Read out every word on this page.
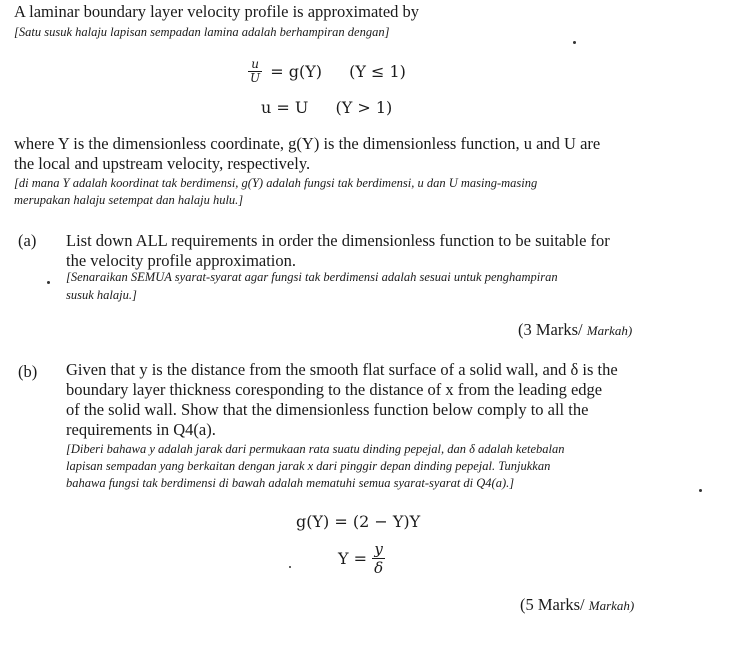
A laminar boundary layer velocity profile is approximated by
[Satu susuk halaju lapisan sempadan lamina adalah berhampiran dengan]
$\frac{u}{U} = g(Y) (Y \le 1)$
u = U (Y > 1)
where Y is the dimensionless coordinate, g(Y) is the dimensionless function, u and U are
the local and upstream velocity, respectively.
[di mana Y adalah koordinat tak berdimensi, g(Y) adalah fungsi tak berdimensi, u dan U masing-masing
merupakan halaju setempat dan halaju hulu.]
(a) List down ALL requirements in order the dimensionless function to be suitable for
the velocity profile approximation.
[Senaraikan SEMUA syarat-syarat agar fungsi tak berdimensi adalah sesuai untuk penghampiran
susuk halaju.]
(3 Marks/ Markah)
(b) Given that y is the distance from the smooth flat surface of a solid wall, and δ is the
boundary layer thickness coresponding to the distance of x from the leading edge
of the solid wall. Show that the dimensionless function below comply to all the
requirements in Q4(a).
[Diberi bahawa y adalah jarak dari permukaan rata suatu dinding pepejal, dan δ adalah ketebalan
lapisan sempadan yang berkaitan dengan jarak x dari pinggir depan dinding pepejal. Tunjukkan
bahawa fungsi tak berdimensi di bawah adalah mematuhi semua syarat-syarat di Q4(a).]
g(Y) = (2 − Y)Y
$Y = \frac{y}{\delta}$
(5 Marks/ Markah)
